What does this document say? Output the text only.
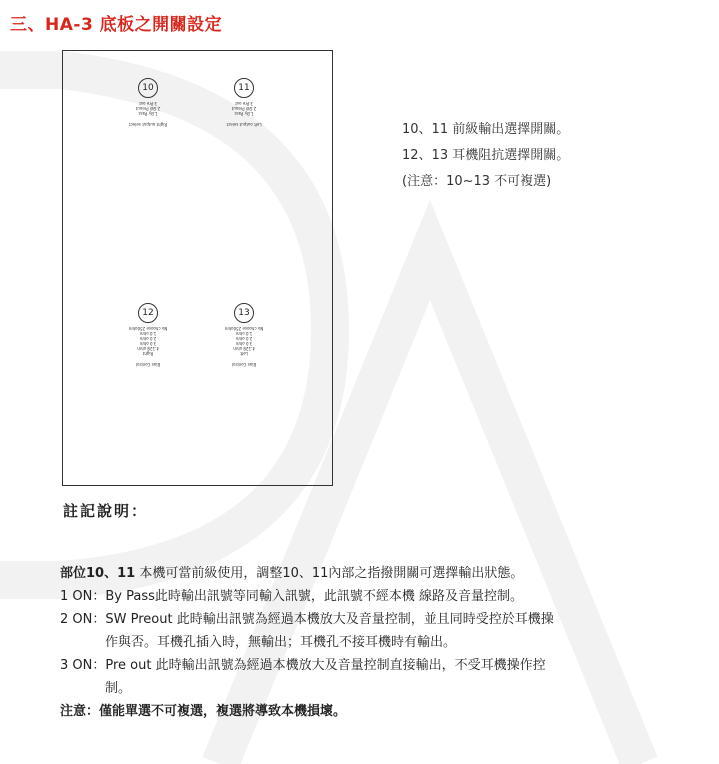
三、HA-3 底板之開關設定
10
1.By Pass
2.SW Preout
3.Pre out
Right output select
11
1.By Pass
2.SW Preout
3.Pre out
Left output select
12
Right
4.128 ohm
3.0 ohm
2.0 ohm
1.0 ohm
No choose 250ohm
Bias Control
13
Left
4.128 ohm
3.0 ohm
2.0 ohm
1.0 ohm
No choose 250ohm
Bias Control
10、11 前級輸出選擇開關。
12、13 耳機阻抗選擇開關。
(注意：10~13 不可複選)
註記說明：

部位10、11 本機可當前級使用，調整10、11內部之指撥開關可選擇輸出狀態。

1 ON：By Pass此時輸出訊號等同輸入訊號，此訊號不經本機 線路及音量控制。

2 ON：SW Preout 此時輸出訊號為經過本機放大及音量控制，並且同時受控於耳機操

作與否。耳機孔插入時，無輸出；耳機孔不接耳機時有輸出。

3 ON：Pre out 此時輸出訊號為經過本機放大及音量控制直接輸出，不受耳機操作控

制。

注意：僅能單選不可複選，複選將導致本機損壞。
